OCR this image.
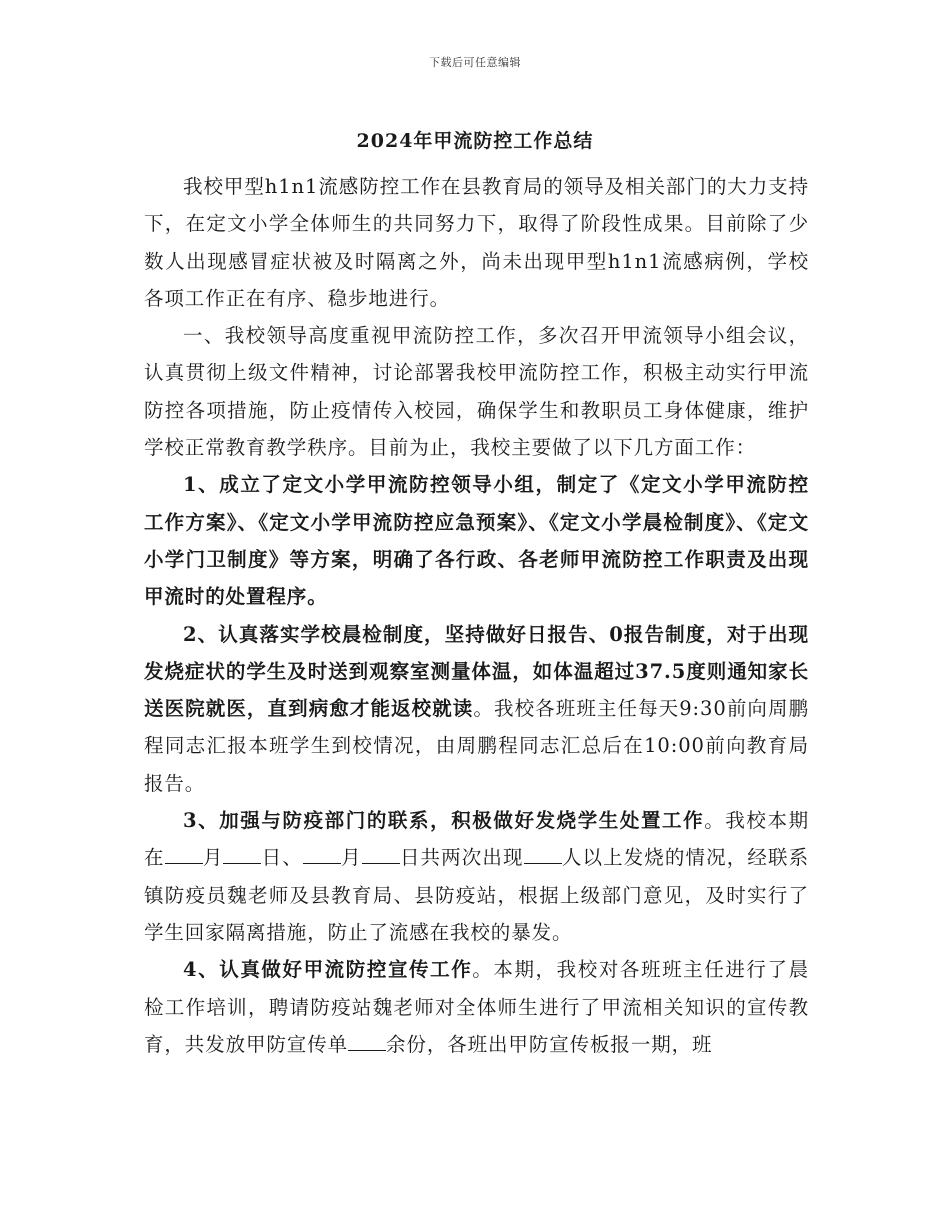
下载后可任意编辑
2024年甲流防控工作总结

我校甲型h1n1流感防控工作在县教育局的领导及相关部门的大力支持下，在定文小学全体师生的共同努力下，取得了阶段性成果。目前除了少数人出现感冒症状被及时隔离之外，尚未出现甲型h1n1流感病例，学校各项工作正在有序、稳步地进行。

一、我校领导高度重视甲流防控工作，多次召开甲流领导小组会议，认真贯彻上级文件精神，讨论部署我校甲流防控工作，积极主动实行甲流防控各项措施，防止疫情传入校园，确保学生和教职员工身体健康，维护学校正常教育教学秩序。目前为止，我校主要做了以下几方面工作：

1、成立了定文小学甲流防控领导小组，制定了《定文小学甲流防控工作方案》、《定文小学甲流防控应急预案》、《定文小学晨检制度》、《定文小学门卫制度》等方案，明确了各行政、各老师甲流防控工作职责及出现甲流时的处置程序。

2、认真落实学校晨检制度，坚持做好日报告、0报告制度，对于出现发烧症状的学生及时送到观察室测量体温，如体温超过37.5度则通知家长送医院就医，直到病愈才能返校就读。我校各班班主任每天9:30前向周鹏程同志汇报本班学生到校情况，由周鹏程同志汇总后在10:00前向教育局报告。

3、加强与防疫部门的联系，积极做好发烧学生处置工作。我校本期在 月 日、 月 日共两次出现 人以上发烧的情况，经联系镇防疫员魏老师及县教育局、县防疫站，根据上级部门意见，及时实行了学生回家隔离措施，防止了流感在我校的暴发。

4、认真做好甲流防控宣传工作。本期，我校对各班班主任进行了晨检工作培训，聘请防疫站魏老师对全体师生进行了甲流相关知识的宣传教育，共发放甲防宣传单 余份，各班出甲防宣传板报一期，班
